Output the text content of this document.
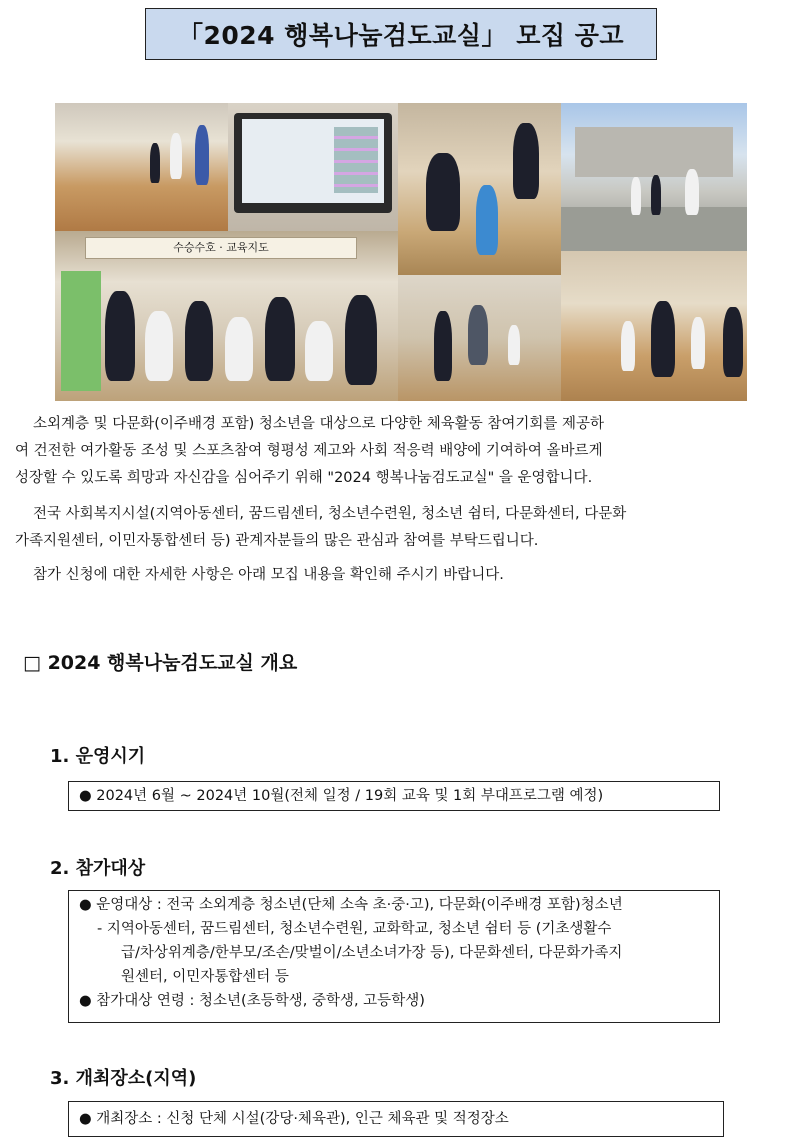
「2024 행복나눔검도교실」 모집 공고
수승수호 · 교육지도
소외계층 및 다문화(이주배경 포함) 청소년을 대상으로 다양한 체육활동 참여기회를 제공하
여 건전한 여가활동 조성 및 스포츠참여 형평성 제고와 사회 적응력 배양에 기여하여 올바르게
성장할 수 있도록 희망과 자신감을 심어주기 위해 "2024 행복나눔검도교실" 을 운영합니다.
전국 사회복지시설(지역아동센터, 꿈드림센터, 청소년수련원, 청소년 쉼터, 다문화센터, 다문화
가족지원센터, 이민자통합센터 등) 관계자분들의 많은 관심과 참여를 부탁드립니다.
참가 신청에 대한 자세한 사항은 아래 모집 내용을 확인해 주시기 바랍니다.
□ 2024 행복나눔검도교실 개요
1. 운영시기
● 2024년 6월 ~ 2024년 10월(전체 일정 / 19회 교육 및 1회 부대프로그램 예정)
2. 참가대상
● 운영대상 : 전국 소외계층 청소년(단체 소속 초·중·고), 다문화(이주배경 포함)청소년
- 지역아동센터, 꿈드림센터, 청소년수련원, 교화학교, 청소년 쉼터 등 (기초생활수
급/차상위계층/한부모/조손/맞벌이/소년소녀가장 등), 다문화센터, 다문화가족지
원센터, 이민자통합센터 등
● 참가대상 연령 : 청소년(초등학생, 중학생, 고등학생)
3. 개최장소(지역)
● 개최장소 : 신청 단체 시설(강당·체육관), 인근 체육관 및 적정장소
